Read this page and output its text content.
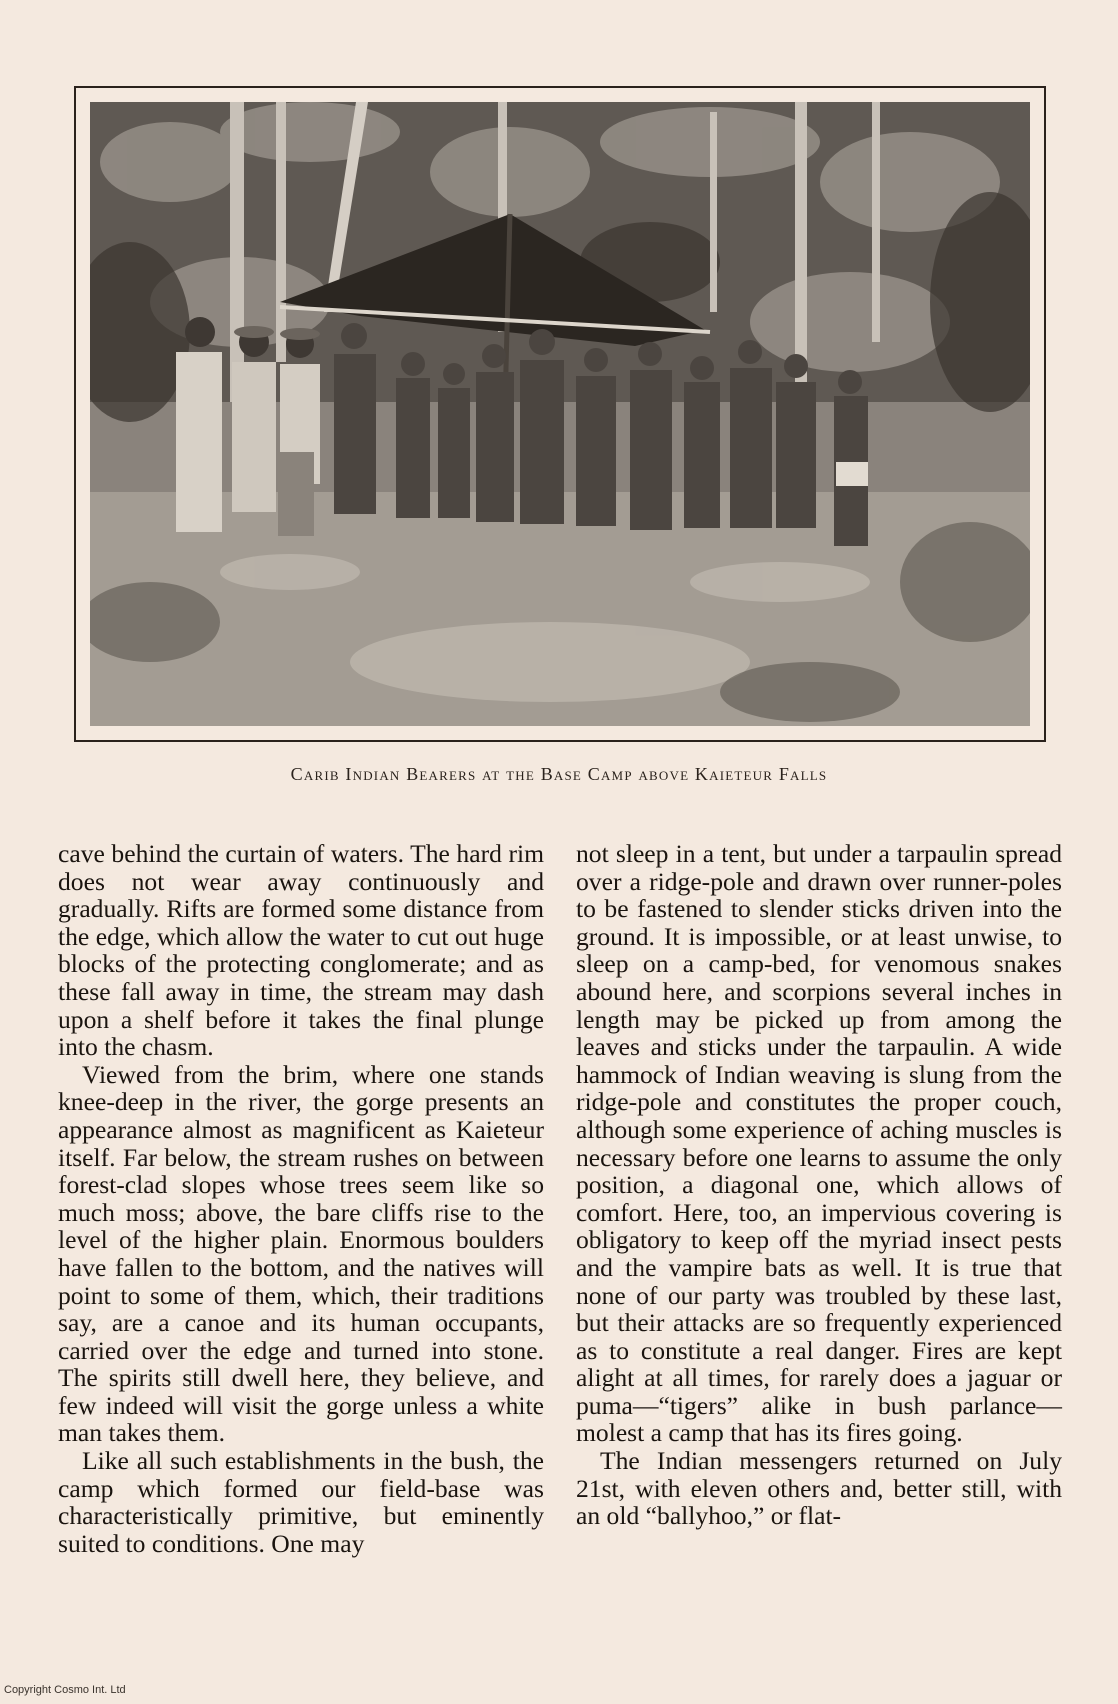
Carib Indian Bearers at the Base Camp above Kaieteur Falls

cave behind the curtain of waters. The hard rim does not wear away continuously and gradually. Rifts are formed some distance from the edge, which allow the water to cut out huge blocks of the protecting conglomerate; and as these fall away in time, the stream may dash upon a shelf before it takes the final plunge into the chasm.

Viewed from the brim, where one stands knee-deep in the river, the gorge presents an appearance almost as magnificent as Kaieteur itself. Far below, the stream rushes on between forest-clad slopes whose trees seem like so much moss; above, the bare cliffs rise to the level of the higher plain. Enormous boulders have fallen to the bottom, and the natives will point to some of them, which, their traditions say, are a canoe and its human occupants, carried over the edge and turned into stone. The spirits still dwell here, they believe, and few indeed will visit the gorge unless a white man takes them.

Like all such establishments in the bush, the camp which formed our field-base was characteristically primitive, but eminently suited to conditions. One may

not sleep in a tent, but under a tarpaulin spread over a ridge-pole and drawn over runner-poles to be fastened to slender sticks driven into the ground. It is impossible, or at least unwise, to sleep on a camp-bed, for venomous snakes abound here, and scorpions several inches in length may be picked up from among the leaves and sticks under the tarpaulin. A wide hammock of Indian weaving is slung from the ridge-pole and constitutes the proper couch, although some experience of aching muscles is necessary before one learns to assume the only position, a diagonal one, which allows of comfort. Here, too, an impervious covering is obligatory to keep off the myriad insect pests and the vampire bats as well. It is true that none of our party was troubled by these last, but their attacks are so frequently experienced as to constitute a real danger. Fires are kept alight at all times, for rarely does a jaguar or puma—“tigers” alike in bush parlance—molest a camp that has its fires going.

The Indian messengers returned on July 21st, with eleven others and, better still, with an old “ballyhoo,” or flat-

Copyright Cosmo Int. Ltd
